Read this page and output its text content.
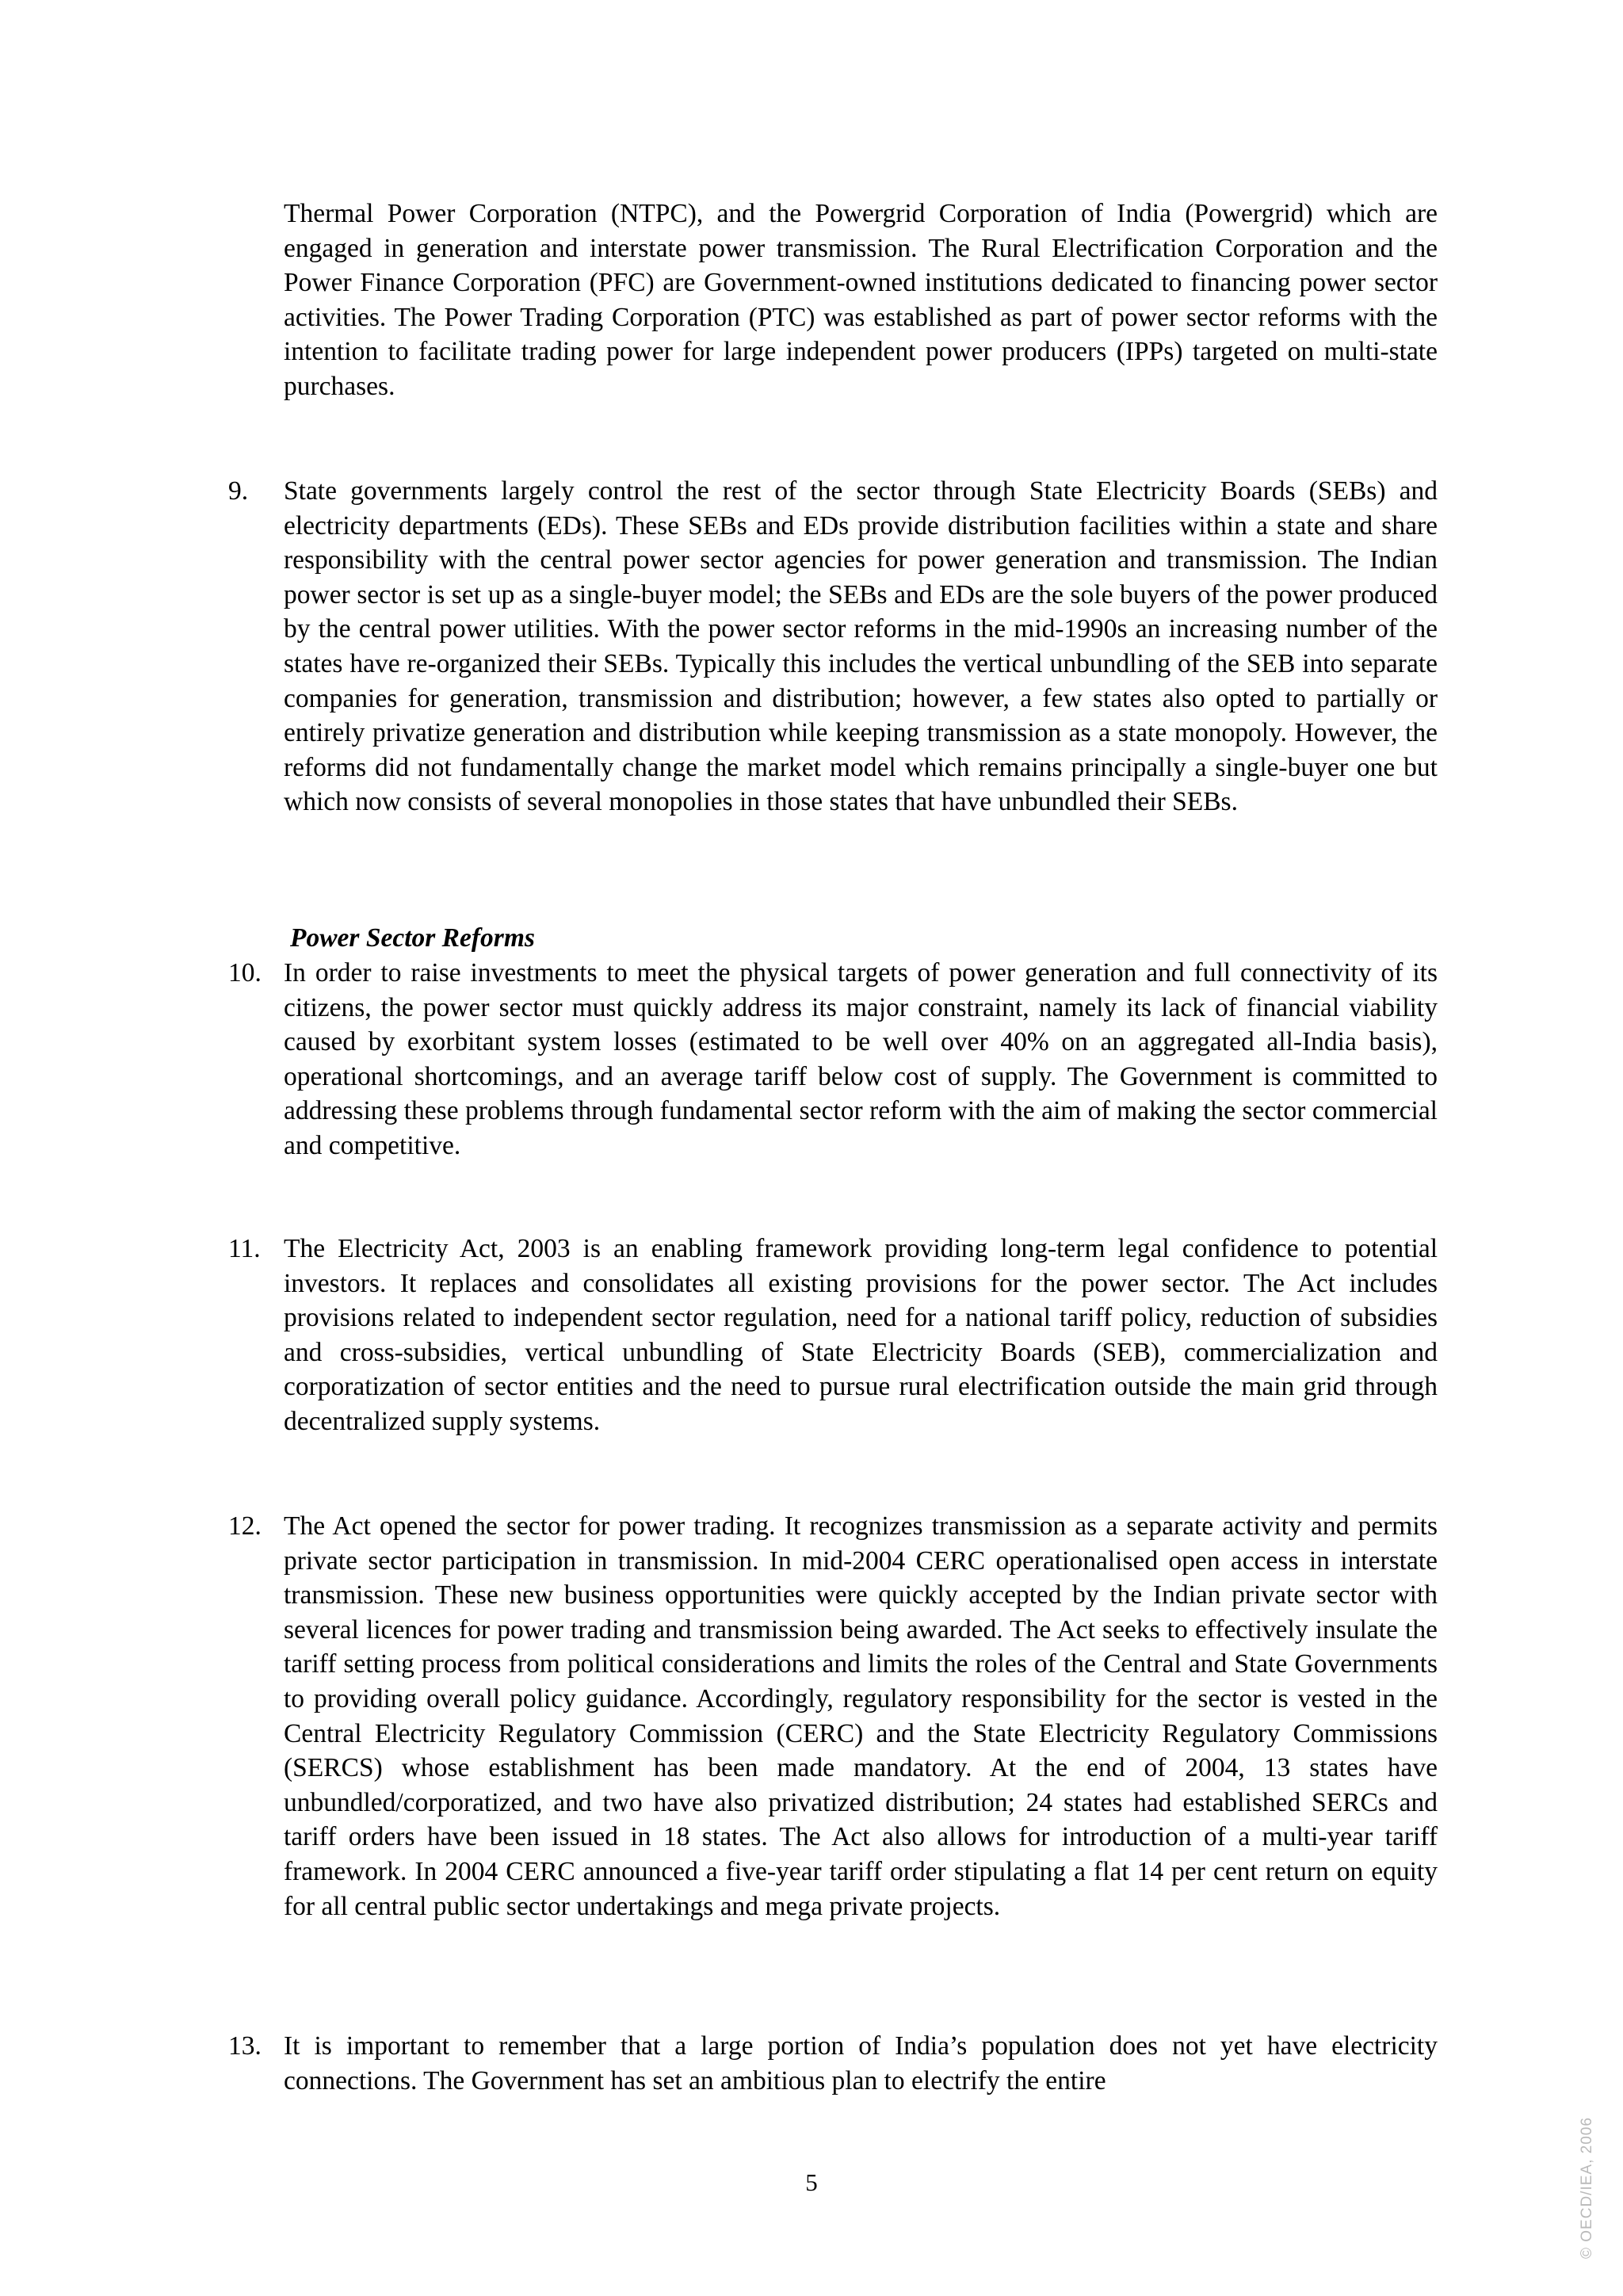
Thermal Power Corporation (NTPC), and the Powergrid Corporation of India (Powergrid) which are engaged in generation and interstate power transmission. The Rural Electrification Corporation and the Power Finance Corporation (PFC) are Government-owned institutions dedicated to financing power sector activities. The Power Trading Corporation (PTC) was established as part of power sector reforms with the intention to facilitate trading power for large independent power producers (IPPs) targeted on multi-state purchases.

9. State governments largely control the rest of the sector through State Electricity Boards (SEBs) and electricity departments (EDs). These SEBs and EDs provide distribution facilities within a state and share responsibility with the central power sector agencies for power generation and transmission. The Indian power sector is set up as a single-buyer model; the SEBs and EDs are the sole buyers of the power produced by the central power utilities. With the power sector reforms in the mid-1990s an increasing number of the states have re-organized their SEBs. Typically this includes the vertical unbundling of the SEB into separate companies for generation, transmission and distribution; however, a few states also opted to partially or entirely privatize generation and distribution while keeping transmission as a state monopoly. However, the reforms did not fundamentally change the market model which remains principally a single-buyer one but which now consists of several monopolies in those states that have unbundled their SEBs.

Power Sector Reforms

10. In order to raise investments to meet the physical targets of power generation and full connectivity of its citizens, the power sector must quickly address its major constraint, namely its lack of financial viability caused by exorbitant system losses (estimated to be well over 40% on an aggregated all-India basis), operational shortcomings, and an average tariff below cost of supply. The Government is committed to addressing these problems through fundamental sector reform with the aim of making the sector commercial and competitive.
11. The Electricity Act, 2003 is an enabling framework providing long-term legal confidence to potential investors. It replaces and consolidates all existing provisions for the power sector. The Act includes provisions related to independent sector regulation, need for a national tariff policy, reduction of subsidies and cross-subsidies, vertical unbundling of State Electricity Boards (SEB), commercialization and corporatization of sector entities and the need to pursue rural electrification outside the main grid through decentralized supply systems.
12. The Act opened the sector for power trading. It recognizes transmission as a separate activity and permits private sector participation in transmission. In mid-2004 CERC operationalised open access in interstate transmission. These new business opportunities were quickly accepted by the Indian private sector with several licences for power trading and transmission being awarded. The Act seeks to effectively insulate the tariff setting process from political considerations and limits the roles of the Central and State Governments to providing overall policy guidance. Accordingly, regulatory responsibility for the sector is vested in the Central Electricity Regulatory Commission (CERC) and the State Electricity Regulatory Commissions (SERCS) whose establishment has been made mandatory. At the end of 2004, 13 states have unbundled/corporatized, and two have also privatized distribution; 24 states had established SERCs and tariff orders have been issued in 18 states. The Act also allows for introduction of a multi-year tariff framework. In 2004 CERC announced a five-year tariff order stipulating a flat 14 per cent return on equity for all central public sector undertakings and mega private projects.
13. It is important to remember that a large portion of India’s population does not yet have electricity connections. The Government has set an ambitious plan to electrify the entire
5	© OECD/IEA, 2006
